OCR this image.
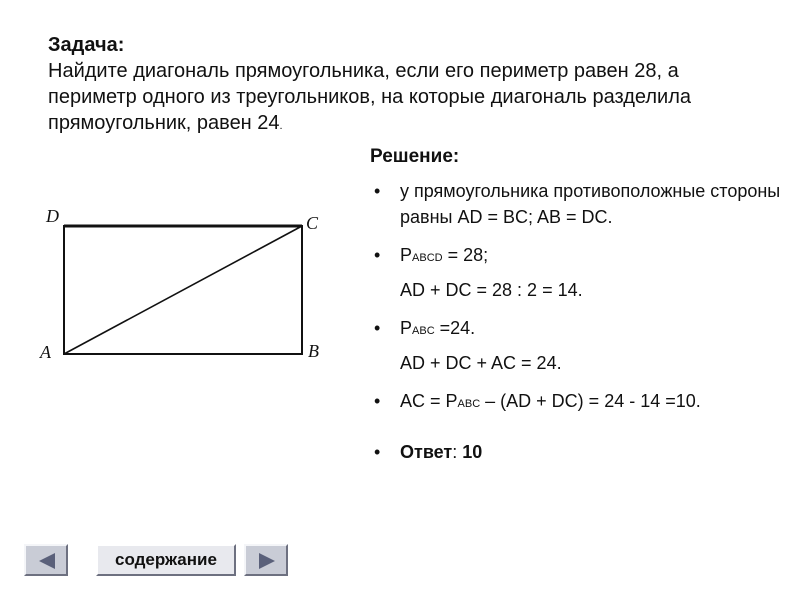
Задача:
Найдите диагональ прямоугольника, если его периметр равен 28, а периметр одного из треугольников, на которые диагональ разделила прямоугольник, равен 24.
D	C
A	B
Решение:
• у прямоугольника противоположные стороны равны AD = BC; AB = DC.
• PABCD = 28;
AD + DC = 28 : 2 = 14.
• PABC =24.
AD + DC + AC = 24.
• AC = PABC – (AD + DC) = 24 - 14 =10.
• Ответ: 10
содержание
